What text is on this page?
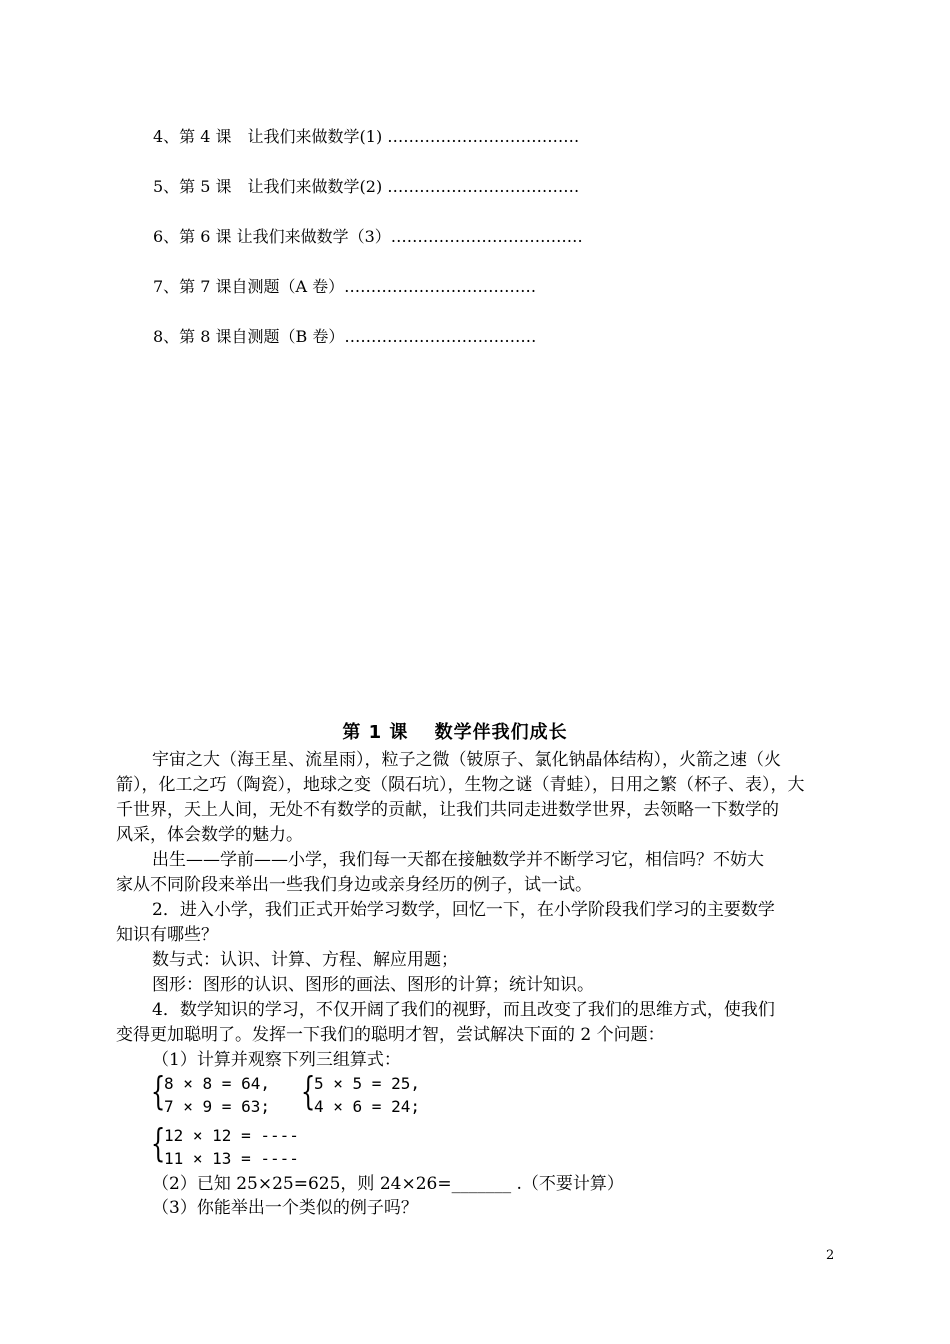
4、第 4 课　让我们来做数学(1) ………………………………
5、第 5 课　让我们来做数学(2) ………………………………
6、第 6 课 让我们来做数学（3）………………………………
7、第 7 课自测题（A 卷）………………………………
8、第 8 课自测题（B 卷）………………………………
第 1 课　 数学伴我们成长
宇宙之大（海王星、流星雨），粒子之微（铍原子、氯化钠晶体结构），火箭之速（火
箭），化工之巧（陶瓷），地球之变（陨石坑），生物之谜（青蛙），日用之繁（杯子、表），大
千世界，天上人间，无处不有数学的贡献，让我们共同走进数学世界，去领略一下数学的
风采，体会数学的魅力。
出生——学前——小学，我们每一天都在接触数学并不断学习它，相信吗？不妨大
家从不同阶段来举出一些我们身边或亲身经历的例子，试一试。
2．进入小学，我们正式开始学习数学，回忆一下，在小学阶段我们学习的主要数学
知识有哪些？
数与式：认识、计算、方程、解应用题；
图形：图形的认识、图形的画法、图形的计算；统计知识。
4．数学知识的学习，不仅开阔了我们的视野，而且改变了我们的思维方式，使我们
变得更加聪明了。发挥一下我们的聪明才智，尝试解决下面的 2 个问题：
（1）计算并观察下列三组算式：
{
8 × 8 = 64,
7 × 9 = 63; {
5 × 5 = 25,
4 × 6 = 24;
{
12 × 12 = ----
11 × 13 = ----
（2）已知 25×25=625，则 24×26=_______ .（不要计算）
（3）你能举出一个类似的例子吗？
2
